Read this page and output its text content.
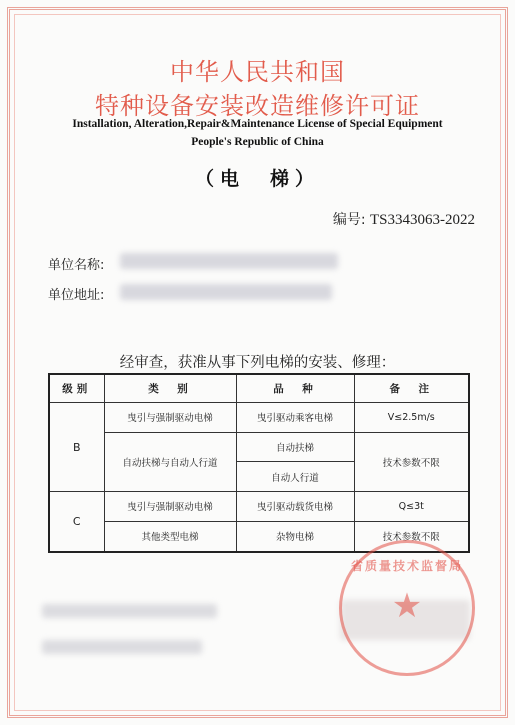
中华人民共和国
特种设备安装改造维修许可证
Installation, Alteration,Repair&Maintenance License of Special Equipment
People's Republic of China
（电　梯）
编号: TS3343063-2022
单位名称:
单位地址:
经审查，获准从事下列电梯的安装、修理：
级别	类　别	品　种	备　注
B	曳引与强制驱动电梯	曳引驱动乘客电梯	V≤2.5m/s
	自动扶梯与自动人行道	自动扶梯	技术参数不限
		自动人行道	
C	曳引与强制驱动电梯	曳引驱动载货电梯	Q≤3t
	其他类型电梯	杂物电梯	技术参数不限
省质量技术监督局
★
